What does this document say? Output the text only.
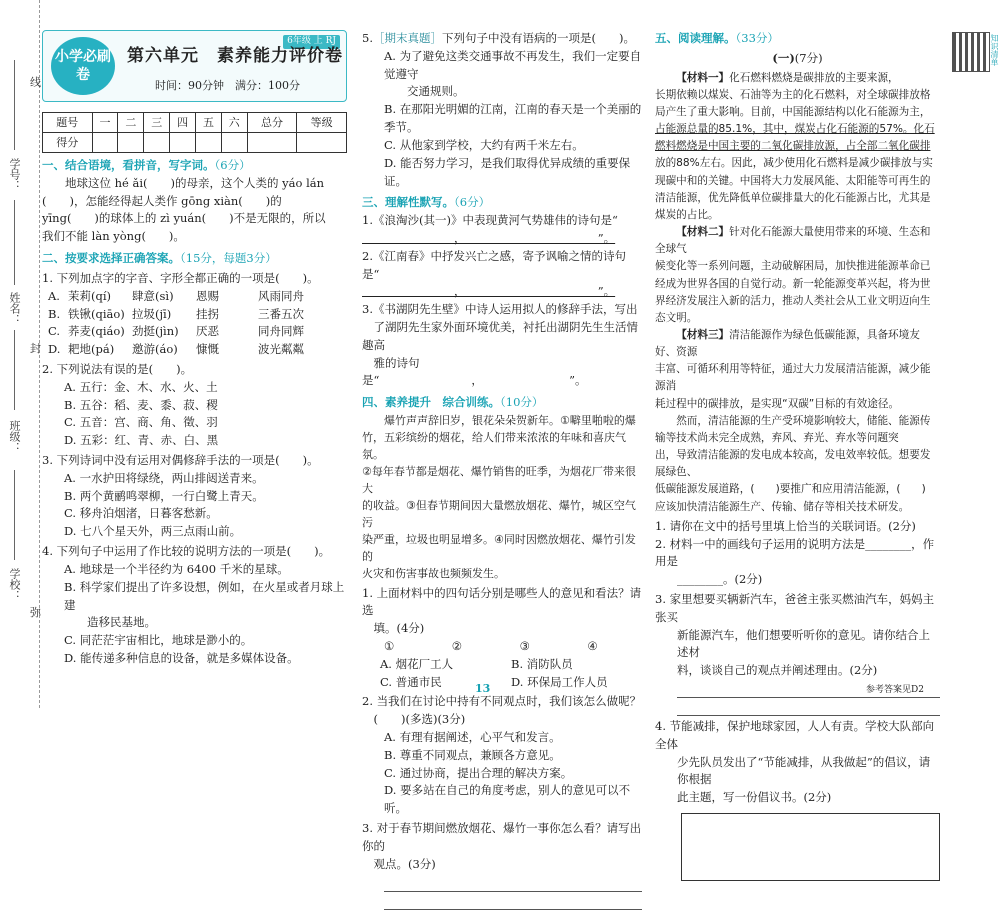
学校：
班级：
姓名：
学号：
线
封
弥
小学必刷卷
6年级 上 RJ
第六单元　素养能力评价卷
时间：90分钟　满分：100分
题号	一	二	三	四	五	六	总分	等级
得分								
一、结合语境，看拼音，写字词。（6分）

地球这位 hé ǎi(　　)的母亲，这个人类的 yáo lán

(　　)，怎能经得起人类作 gōng xiàn(　　)的

yīng(　　)的球体上的 zì yuán(　　)不是无限的，所以

我们不能 làn yòng(　　)。

二、按要求选择正确答案。（15分，每题3分）

1. 下列加点字的字音、字形全都正确的一项是(　　)。

A. 茉莉(qí)	肆意(sì)	恩赐	风雨同舟
B. 铁锹(qiāo) 拉圾(jī)	挂拐	三番五次
C. 荞麦(qiáo) 劲挺(jìn)	厌恶	同舟同辉
D. 耙地(pá)	邀游(áo)	慷慨	波光粼粼

2. 下列说法有误的是(　　)。

A. 五行：金、木、水、火、土

B. 五谷：稻、麦、黍、菽、稷

C. 五音：宫、商、角、徵、羽

D. 五彩：红、青、赤、白、黑

3. 下列诗词中没有运用对偶修辞手法的一项是(　　)。

A. 一水护田将绿绕，两山排闼送青来。

B. 两个黄鹂鸣翠柳，一行白鹭上青天。

C. 移舟泊烟渚，日暮客愁新。

D. 七八个星天外，两三点雨山前。

4. 下列句子中运用了作比较的说明方法的一项是(　　)。

A. 地球是一个半径约为 6400 千米的星球。

B. 科学家们提出了许多设想，例如，在火星或者月球上建

　　造移民基地。

C. 同茫茫宇宙相比，地球是渺小的。

D. 能传递多种信息的设备，就是多媒体设备。

5.［期末真题］下列句子中没有语病的一项是(　　)。

A. 为了避免这类交通事故不再发生，我们一定要自觉遵守

　　交通规则。

B. 在那阳光明媚的江南，江南的春天是一个美丽的季节。

C. 从他家到学校，大约有两千米左右。

D. 能否努力学习，是我们取得优异成绩的重要保证。

三、理解性默写。（6分）

1.《浪淘沙(其一)》中表现黄河气势雄伟的诗句是“

　　　　　　　　，　　　　　　　　　　　　”。

2.《江南春》中抒发兴亡之感，寄予讽喻之情的诗句是“

　　　　　　　　，　　　　　　　　　　　　”。

3.《书湖阴先生壁》中诗人运用拟人的修辞手法，写出

　了湖阴先生家外面环境优美，衬托出湖阴先生生活情趣高

　雅的诗句是“　　　　　　　　，　　　　　　　　”。

四、素养提升　综合训练。（10分）

爆竹声声辞旧岁，银花朵朵贺新年。①噼里啪啦的爆

竹，五彩缤纷的烟花，给人们带来浓浓的年味和喜庆气氛。

②每年春节都是烟花、爆竹销售的旺季，为烟花厂带来很大

的收益。③但春节期间因大量燃放烟花、爆竹，城区空气污

染严重，垃圾也明显增多。④同时因燃放烟花、爆竹引发的

火灾和伤害事故也频频发生。

1. 上面材料中的四句话分别是哪些人的意见和看法？请选

　填。(4分)

①　　　　　②　　　　　③　　　　　④

A. 烟花厂工人	B. 消防队员
C. 普通市民	D. 环保局工作人员

2. 当我们在讨论中持有不同观点时，我们该怎么做呢？

　(　　)(多选)(3分)

A. 有理有据阐述，心平气和发言。

B. 尊重不同观点，兼顾各方意见。

C. 通过协商，提出合理的解决方案。

D. 要多站在自己的角度考虑，别人的意见可以不听。

3. 对于春节期间燃放烟花、爆竹一事你怎么看？请写出你的

　观点。(3分)

五、阅读理解。（33分）
(一)(7分)

【材料一】化石燃料燃烧是碳排放的主要来源，

长期依赖以煤炭、石油等为主的化石燃料，对全球碳排放格

局产生了重大影响。目前，中国能源结构以化石能源为主，

占能源总量的85.1%，其中，煤炭占化石能源的57%。化石

燃料燃烧是中国主要的二氧化碳排放源，占全部二氧化碳排

放的88%左右。因此，减少使用化石燃料是减少碳排放与实

现碳中和的关键。中国将大力发展风能、太阳能等可再生的

清洁能源，优先降低单位碳排量大的化石能源占比，尤其是

煤炭的占比。

【材料二】针对化石能源大量使用带来的环境、生态和全球气

候变化等一系列问题，主动破解困局，加快推进能源革命已

经成为世界各国的自觉行动。新一轮能源变革兴起，将为世

界经济发展注入新的活力，推动人类社会从工业文明迈向生

态文明。

【材料三】清洁能源作为绿色低碳能源，具备环境友好、资源

丰富、可循环利用等特征，通过大力发展清洁能源，减少能源消

耗过程中的碳排放，是实现“双碳”目标的有效途径。

然而，清洁能源的生产受环境影响较大，储能、能源传输等技术尚未完全成熟，弃风、弃光、弃水等问题突

出，导致清洁能源的发电成本较高，发电效率较低。想要发展绿色、

低碳能源发展道路，(　　)要推广和应用清洁能源，(　　)

应该加快清洁能源生产、传输、储存等相关技术研发。

1. 请你在文中的括号里填上恰当的关联词语。(2分)

2. 材料一中的画线句子运用的说明方法是________，作用是

________。(2分)

3. 家里想要买辆新汽车，爸爸主张买燃油汽车，妈妈主张买

新能源汽车，他们想要听听你的意见。请你结合上述材

料，谈谈自己的观点并阐述理由。(2分)

4. 节能减排，保护地球家园，人人有责。学校大队部向全体

少先队员发出了“节能减排，从我做起”的倡议，请你根据

此主题，写一份倡议书。(2分)

知识清单
13	参考答案见D2
